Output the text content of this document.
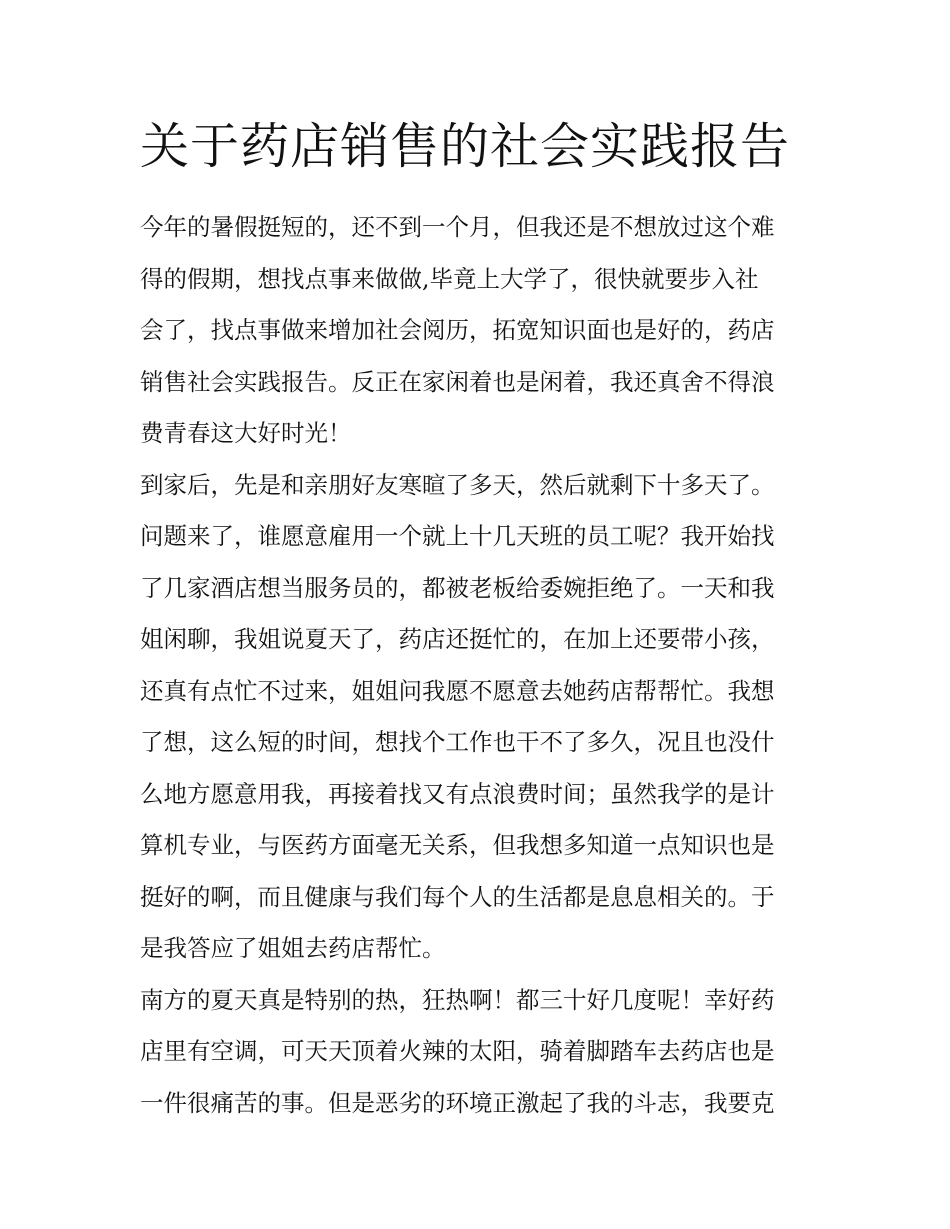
关于药店销售的社会实践报告

今年的暑假挺短的，还不到一个月，但我还是不想放过这个难
得的假期，想找点事来做做,毕竟上大学了，很快就要步入社
会了，找点事做来增加社会阅历，拓宽知识面也是好的，药店
销售社会实践报告。反正在家闲着也是闲着，我还真舍不得浪
费青春这大好时光！

到家后，先是和亲朋好友寒暄了多天，然后就剩下十多天了。
问题来了，谁愿意雇用一个就上十几天班的员工呢？我开始找
了几家酒店想当服务员的，都被老板给委婉拒绝了。一天和我
姐闲聊，我姐说夏天了，药店还挺忙的，在加上还要带小孩，
还真有点忙不过来，姐姐问我愿不愿意去她药店帮帮忙。我想
了想，这么短的时间，想找个工作也干不了多久，况且也没什
么地方愿意用我，再接着找又有点浪费时间；虽然我学的是计
算机专业，与医药方面毫无关系，但我想多知道一点知识也是
挺好的啊，而且健康与我们每个人的生活都是息息相关的。于
是我答应了姐姐去药店帮忙。

南方的夏天真是特别的热，狂热啊！都三十好几度呢！幸好药
店里有空调，可天天顶着火辣的太阳，骑着脚踏车去药店也是
一件很痛苦的事。但是恶劣的环境正激起了我的斗志，我要克
